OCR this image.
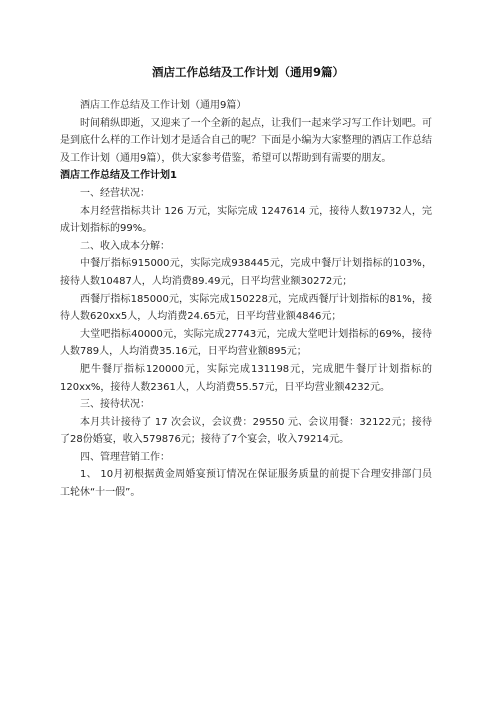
酒店工作总结及工作计划（通用9篇）

酒店工作总结及工作计划（通用9篇）

时间稍纵即逝，又迎来了一个全新的起点，让我们一起来学习写工作计划吧。可是到底什么样的工作计划才是适合自己的呢？下面是小编为大家整理的酒店工作总结及工作计划（通用9篇），供大家参考借鉴，希望可以帮助到有需要的朋友。

酒店工作总结及工作计划1

一、经营状况：

本月经营指标共计 126 万元，实际完成 1247614 元，接待人数19732人，完成计划指标的99%。

二、收入成本分解：

中餐厅指标915000元，实际完成938445元，完成中餐厅计划指标的103%，接待人数10487人，人均消费89.49元，日平均营业额30272元；

西餐厅指标185000元，实际完成150228元，完成西餐厅计划指标的81%，接待人数620xx5人，人均消费24.65元，日平均营业额4846元；

大堂吧指标40000元，实际完成27743元，完成大堂吧计划指标的69%，接待人数789人，人均消费35.16元，日平均营业额895元；

肥牛餐厅指标120000元，实际完成131198元，完成肥牛餐厅计划指标的120xx%，接待人数2361人，人均消费55.57元，日平均营业额4232元。

三、接待状况：

本月共计接待了 17 次会议，会议费：29550 元、会议用餐：32122元；接待了28份婚宴，收入579876元；接待了7个宴会，收入79214元。

四、管理营销工作：

1、 10月初根据黄金周婚宴预订情况在保证服务质量的前提下合理安排部门员工轮休“十一假”。
